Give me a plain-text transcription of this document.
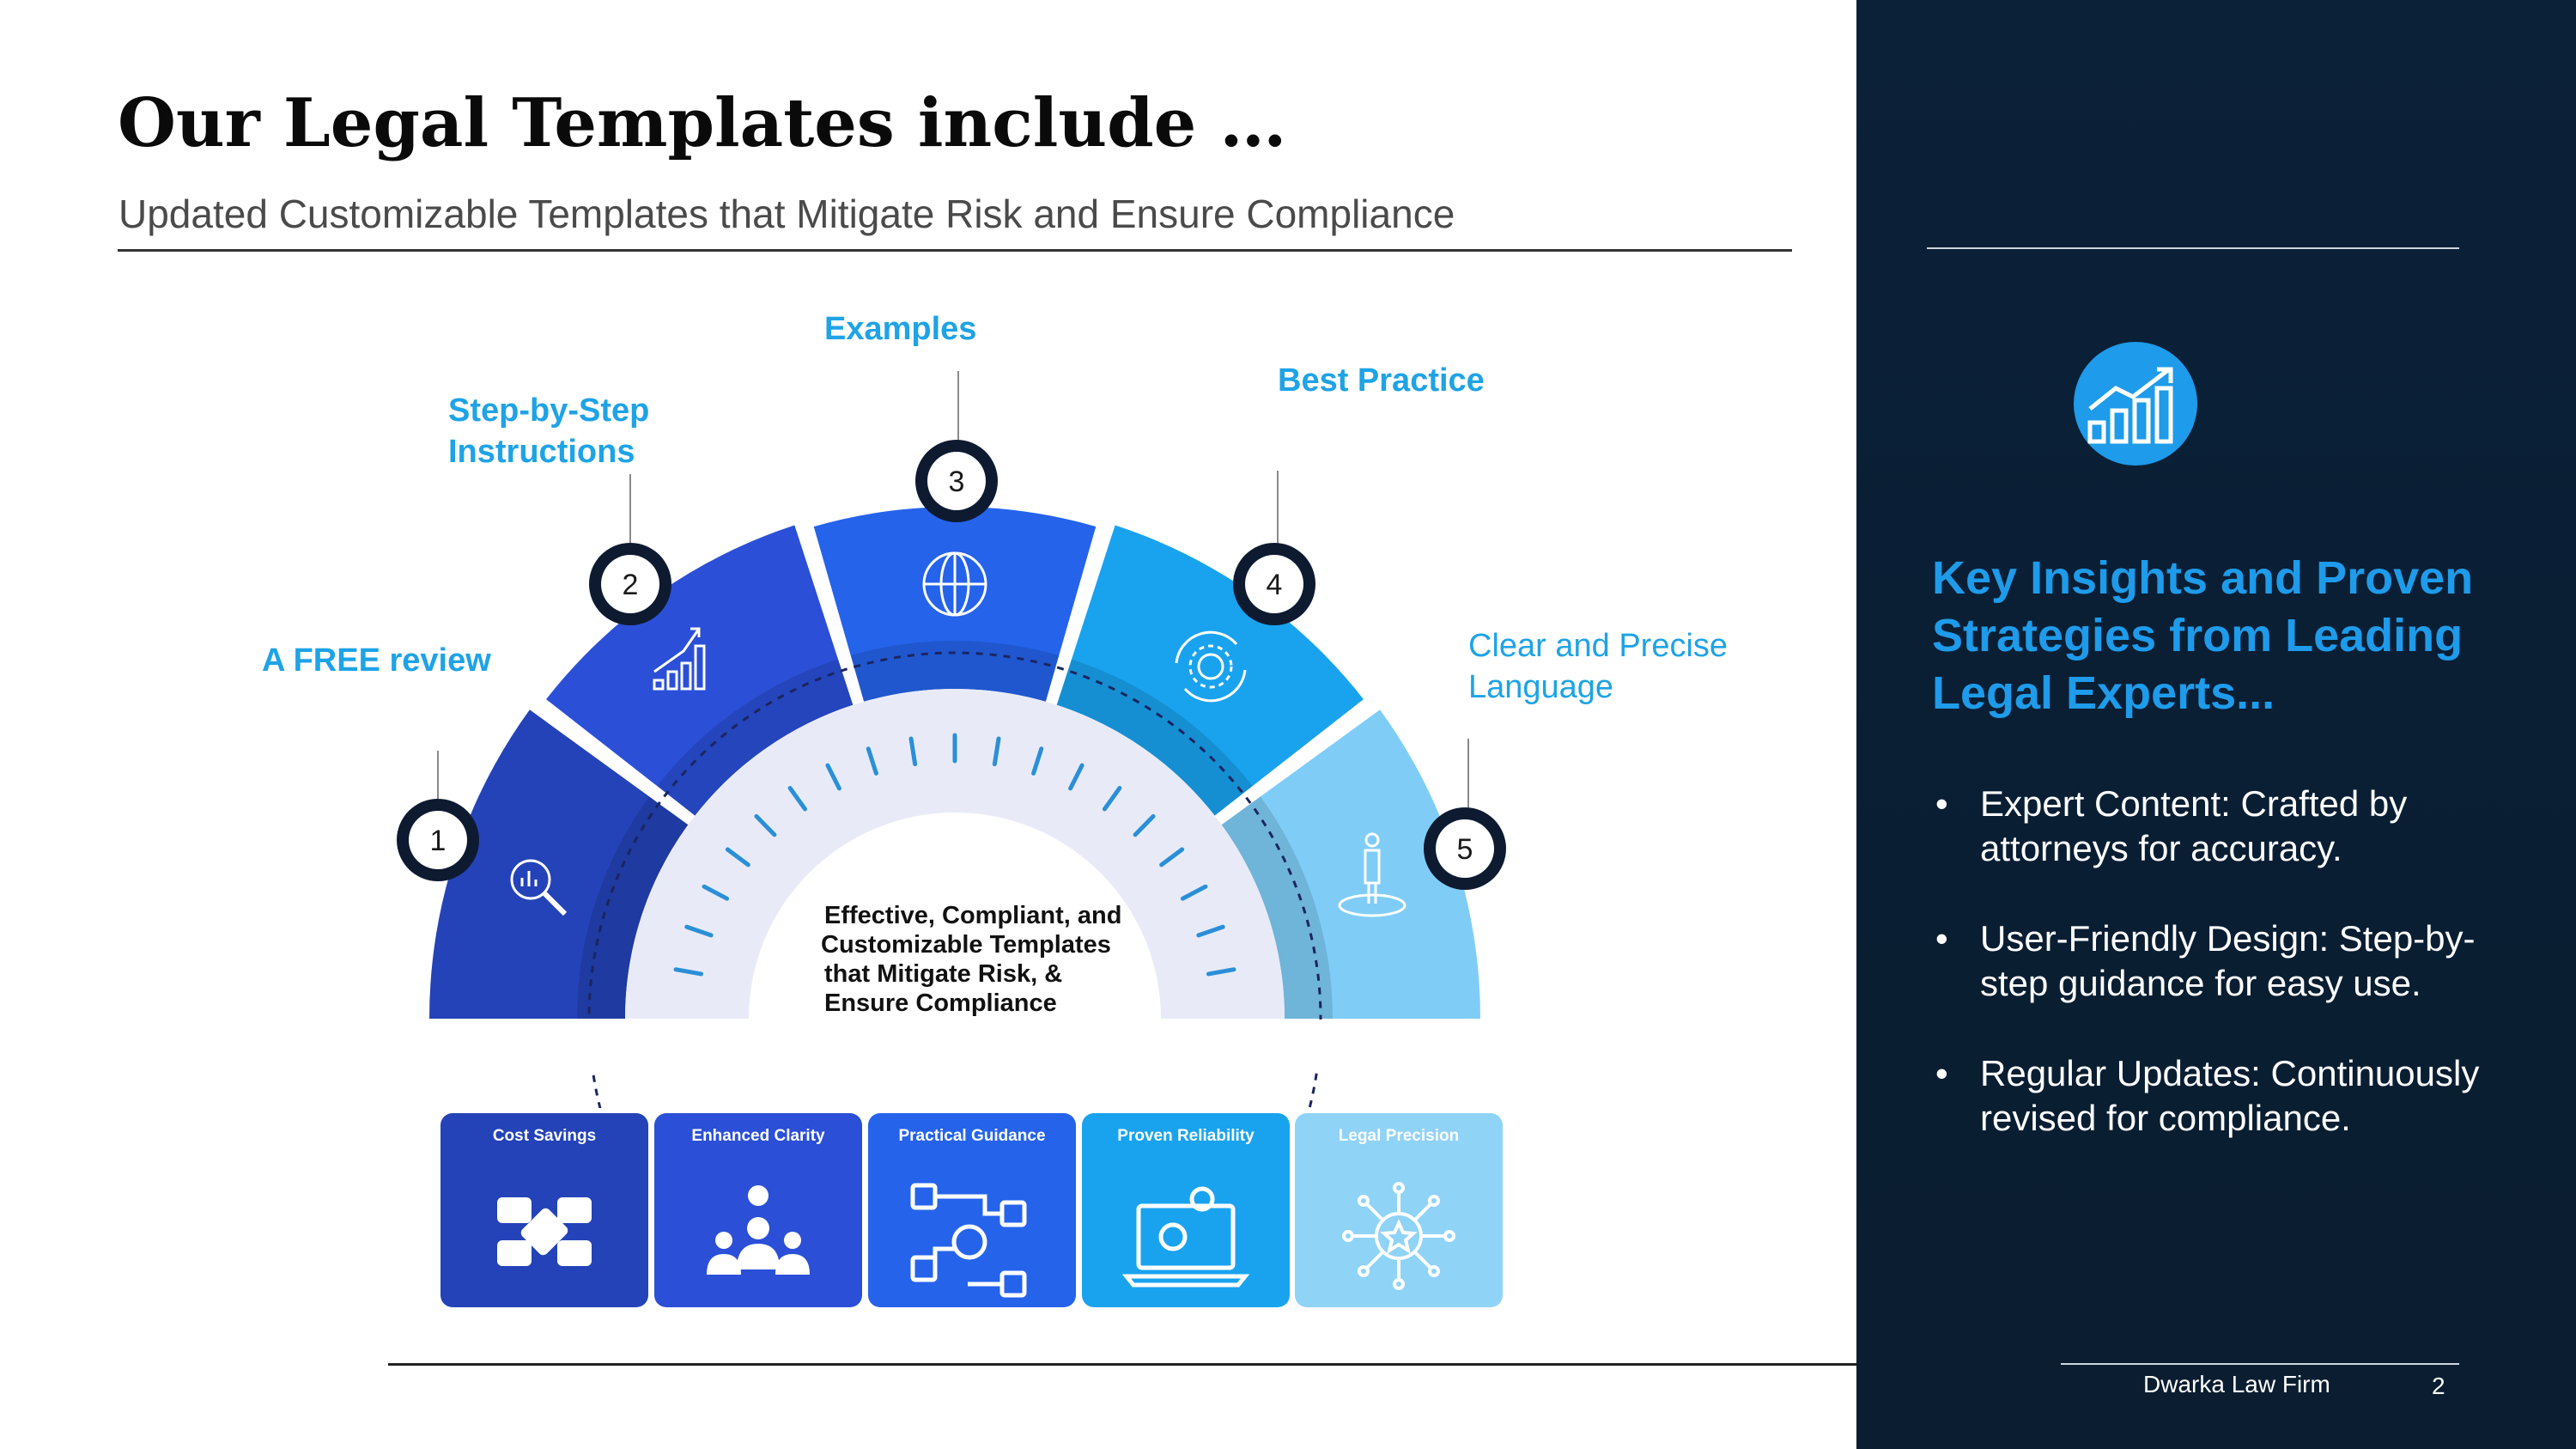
Our Legal Templates include …
Updated Customizable Templates that Mitigate Risk and Ensure Compliance
Effective, Compliant, and
Customizable Templates
that Mitigate Risk, &
Ensure Compliance
1
2
3
4
5
A FREE review
Step-by-Step
Instructions
Examples
Best Practice
Clear and Precise
Language
Cost Savings	Enhanced Clarity	Practical Guidance	Proven Reliability	Legal Precision
Key Insights and Proven Strategies from Leading Legal Experts...
• Expert Content: Crafted by attorneys for accuracy.
• User-Friendly Design: Step-by-step guidance for easy use.
• Regular Updates: Continuously revised for compliance.
Dwarka Law Firm	2
